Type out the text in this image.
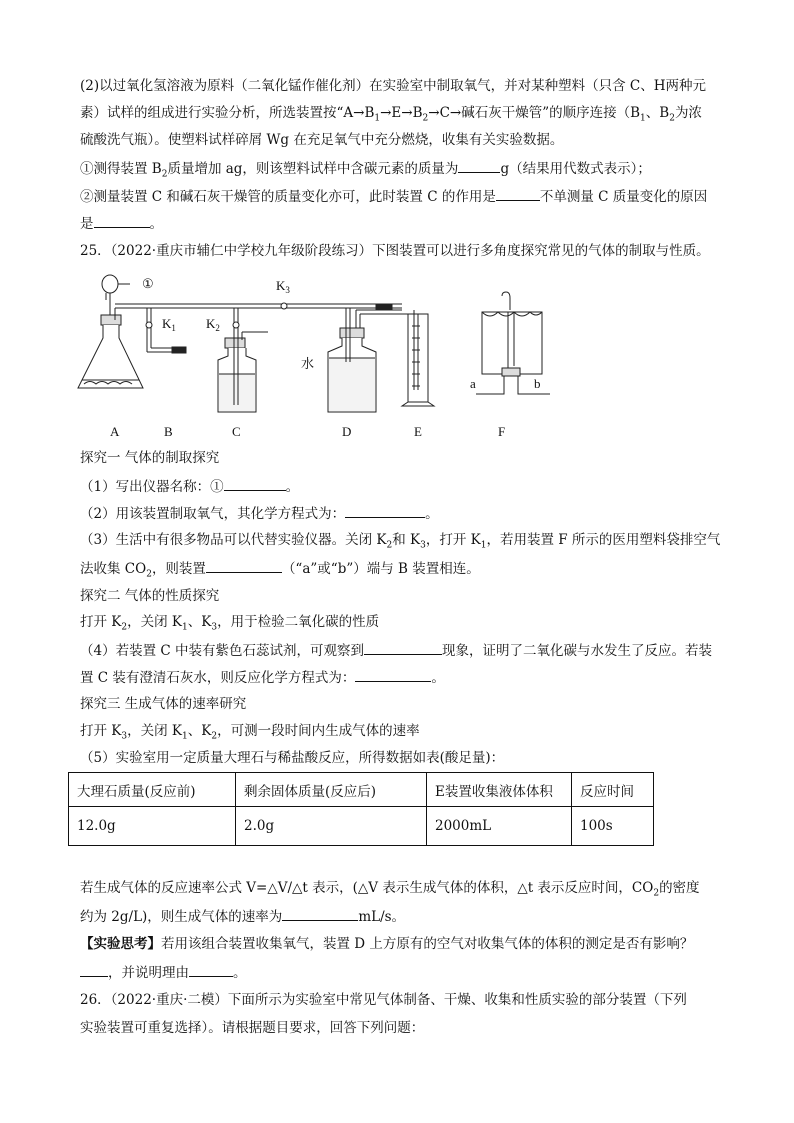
(2)以过氧化氢溶液为原料（二氧化锰作催化剂）在实验室中制取氧气，并对某种塑料（只含 C、H两种元
素）试样的组成进行实验分析，所选装置按“$A\to B_1\to E\to B_2\to C\to$碱石灰干燥管”的顺序连接（$B_1$、$B_2$为浓
硫酸洗气瓶）。使塑料试样碎屑 Wg 在充足氧气中充分燃烧，收集有关实验数据。
①测得装置 $B_2$质量增加 ag，则该塑料试样中含碳元素的质量为	g（结果用代数式表示）；
②测量装置 C 和碱石灰干燥管的质量变化亦可，此时装置 C 的作用是	不单测量 C 质量变化的原因
是	。
25．（2022·重庆市辅仁中学校九年级阶段练习）下图装置可以进行多角度探究常见的气体的制取与性质。
①
$K_1$ $K_2$
$K_3$
水
a	b
A	B	C	D	E	F
探究一 气体的制取探究
（1）写出仪器名称：①	。
（2）用该装置制取氧气，其化学方程式为：	。
（3）生活中有很多物品可以代替实验仪器。关闭 $K_2$和 $K_3$，打开 $K_1$，若用装置 F 所示的医用塑料袋排空气
法收集 $CO_2$，则装置	（“a”或“b”）端与 B 装置相连。
探究二 气体的性质探究
打开 $K_2$，关闭 $K_1$、$K_3$，用于检验二氧化碳的性质
（4）若装置 C 中装有紫色石蕊试剂，可观察到	现象，证明了二氧化碳与水发生了反应。若装
置 C 装有澄清石灰水，则反应化学方程式为：	。
探究三 生成气体的速率研究
打开 $K_3$，关闭 $K_1$、$K_2$，可测一段时间内生成气体的速率
（5）实验室用一定质量大理石与稀盐酸反应，所得数据如表(酸足量)：
大理石质量(反应前)	剩余固体质量(反应后)	E装置收集液体体积	反应时间
12.0g	2.0g	2000mL	100s
若生成气体的反应速率公式 V=△V/△t 表示，(△V 表示生成气体的体积，△t 表示反应时间，$CO_2$的密度
约为 2g/L)，则生成气体的速率为	mL/s。
【实验思考】若用该组合装置收集氧气，装置 D 上方原有的空气对收集气体的体积的测定是否有影响？
，并说明理由	。
26．（2022·重庆·二模）下面所示为实验室中常见气体制备、干燥、收集和性质实验的部分装置（下列
实验装置可重复选择）。请根据题目要求，回答下列问题：
